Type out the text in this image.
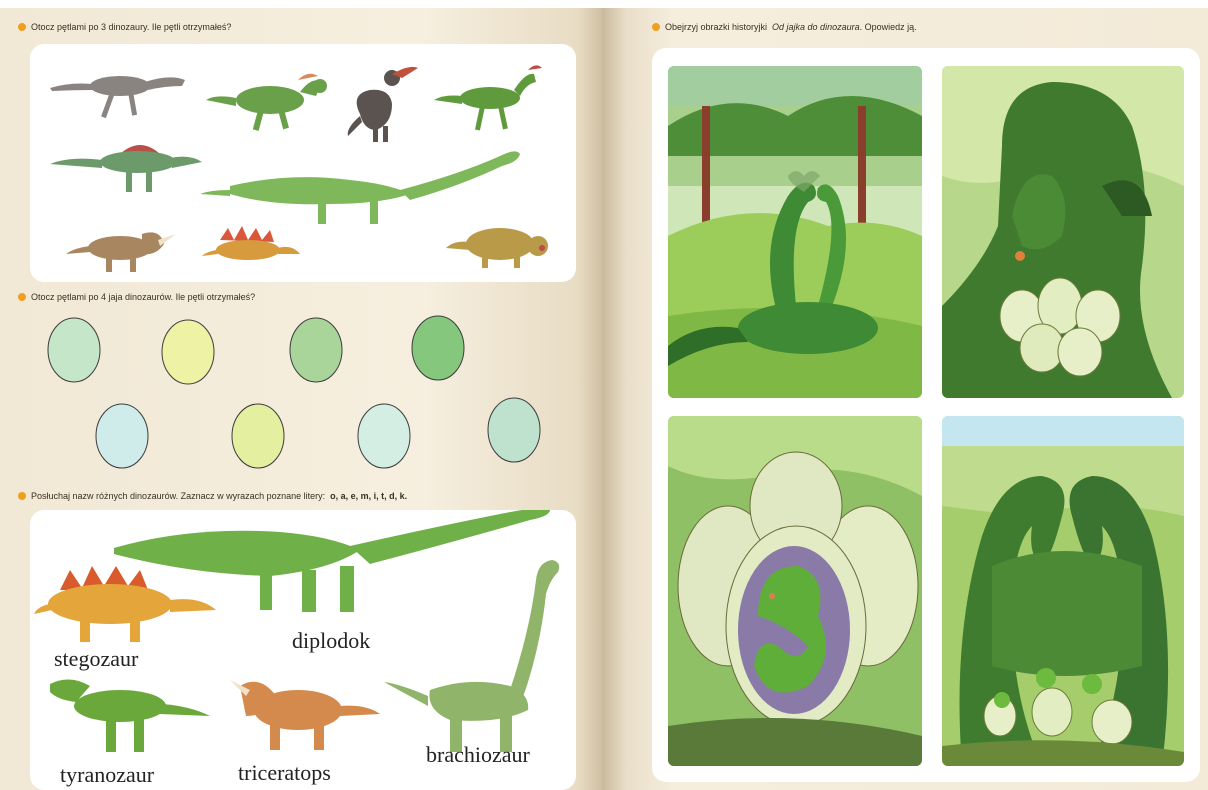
Otocz pętlami po 3 dinozaury. Ile pętli otrzymałeś?
Otocz pętlami po 4 jaja dinozaurów. Ile pętli otrzymałeś?
Posłuchaj nazw różnych dinozaurów. Zaznacz w wyrazach poznane litery: o, a, e, m, i, t, d, k.
stegozaur
diplodok
tyranozaur	triceratops
brachiozaur
Obejrzyj obrazki historyjki Od jajka do dinozaura . Opowiedz ją.
